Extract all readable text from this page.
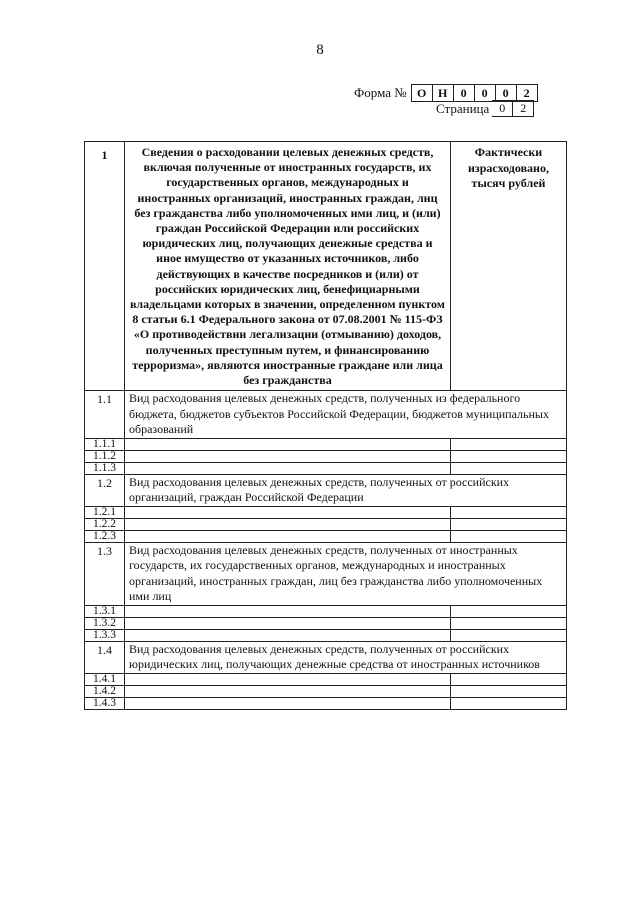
8
Форма № О Н	0	0	0	2
Страница 0	2
1	Сведения о расходовании целевых денежных средств, включая полученные от иностранных государств, их государственных органов, международных и иностранных организаций, иностранных граждан, лиц без гражданства либо уполномоченных ими лиц, и (или) граждан Российской Федерации или российских юридических лиц, получающих денежные средства и иное имущество от указанных источников, либо действующих в качестве посредников и (или) от российских юридических лиц, бенефициарными владельцами которых в значении, определенном пунктом 8 статьи 6.1 Федерального закона от 07.08.2001 № 115-ФЗ «О противодействии легализации (отмыванию) доходов, полученных преступным путем, и финансированию терроризма», являются иностранные граждане или лица без гражданства	Фактически израсходовано, тысяч рублей
1.1	Вид расходования целевых денежных средств, полученных из федерального бюджета, бюджетов субъектов Российской Федерации, бюджетов муниципальных образований	
1.1.1		
1.1.2		
1.1.3		
1.2	Вид расходования целевых денежных средств, полученных от российских организаций, граждан Российской Федерации	
1.2.1		
1.2.2		
1.2.3		
1.3	Вид расходования целевых денежных средств, полученных от иностранных государств, их государственных органов, международных и иностранных организаций, иностранных граждан, лиц без гражданства либо уполномоченных ими лиц	
1.3.1		
1.3.2		
1.3.3		
1.4	Вид расходования целевых денежных средств, полученных от российских юридических лиц, получающих денежные средства от иностранных источников	
1.4.1		
1.4.2		
1.4.3		
